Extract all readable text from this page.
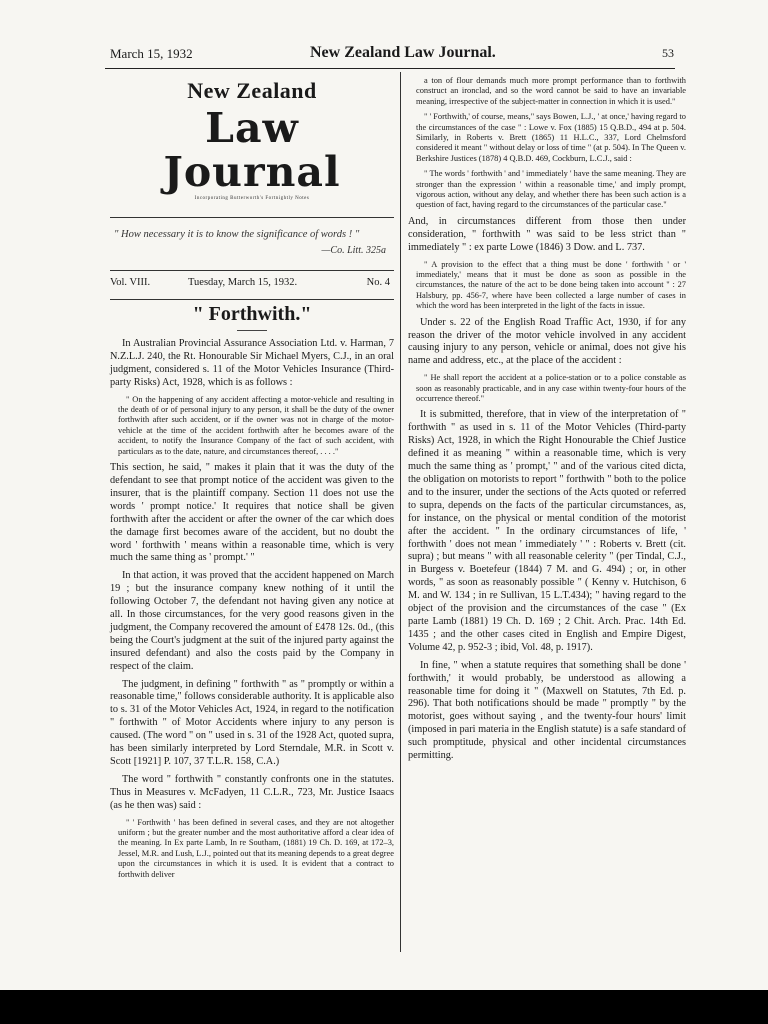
March 15, 1932	New Zealand Law Journal.	53
New Zealand
Law Journal
Incorporating Butterworth's Fortnightly Notes
" How necessary it is to know the significance of words ! "
—Co. Litt. 325a
Vol. VIII.	Tuesday, March 15, 1932.	No. 4
" Forthwith."

In Australian Provincial Assurance Association Ltd. v. Harman, 7 N.Z.L.J. 240, the Rt. Honourable Sir Michael Myers, C.J., in an oral judgment, considered s. 11 of the Motor Vehicles Insurance (Third-party Risks) Act, 1928, which is as follows :

" On the happening of any accident affecting a motor-vehicle and resulting in the death of or of personal injury to any person, it shall be the duty of the owner forthwith after such accident, or if the owner was not in charge of the motor-vehicle at the time of the accident forthwith after he becomes aware of the accident, to notify the Insurance Company of the fact of such accident, with particulars as to the date, nature, and circumstances thereof, . . . ."

This section, he said, " makes it plain that it was the duty of the defendant to see that prompt notice of the accident was given to the insurer, that is the plaintiff company. Section 11 does not use the words ' prompt notice.' It requires that notice shall be given forthwith after the accident or after the owner of the car which does the damage first becomes aware of the accident, but no doubt the word ' forthwith ' means within a reasonable time, which is very much the same thing as ' prompt.' "

In that action, it was proved that the accident happened on March 19 ; but the insurance company knew nothing of it until the following October 7, the defendant not having given any notice at all. In those circumstances, for the very good reasons given in the judgment, the Company recovered the amount of £478 12s. 0d., (this being the Court's judgment at the suit of the injured party against the insured defendant) and also the costs paid by the Company in respect of the claim.

The judgment, in defining " forthwith " as " promptly or within a reasonable time," follows considerable authority. It is applicable also to s. 31 of the Motor Vehicles Act, 1924, in regard to the notification " forthwith " of Motor Accidents where injury to any person is caused. (The word " on " used in s. 31 of the 1928 Act, quoted supra, has been similarly interpreted by Lord Sterndale, M.R. in Scott v. Scott [1921] P. 107, 37 T.L.R. 158, C.A.)

The word " forthwith " constantly confronts one in the statutes. Thus in Measures v. McFadyen, 11 C.L.R., 723, Mr. Justice Isaacs (as he then was) said :

" ' Forthwith ' has been defined in several cases, and they are not altogether uniform ; but the greater number and the most authoritative afford a clear idea of the meaning. In Ex parte Lamb, In re Southam, (1881) 19 Ch. D. 169, at 172–3, Jessel, M.R. and Lush, L.J., pointed out that its meaning depends to a great degree upon the circumstances in which it is used. It is evident that a contract to forthwith deliver

a ton of flour demands much more prompt performance than to forthwith construct an ironclad, and so the word cannot be said to have an invariable meaning, irrespective of the subject-matter in connection in which it is used."

" ' Forthwith,' of course, means," says Bowen, L.J., ' at once,' having regard to the circumstances of the case " : Lowe v. Fox (1885) 15 Q.B.D., 494 at p. 504. Similarly, in Roberts v. Brett (1865) 11 H.L.C., 337, Lord Chelmsford considered it meant " without delay or loss of time " (at p. 504). In The Queen v. Berkshire Justices (1878) 4 Q.B.D. 469, Cockburn, L.C.J., said :

" The words ' forthwith ' and ' immediately ' have the same meaning. They are stronger than the expression ' within a reasonable time,' and imply prompt, vigorous action, without any delay, and whether there has been such action is a question of fact, having regard to the circumstances of the particular case."

And, in circumstances different from those then under consideration, " forthwith " was said to be less strict than " immediately " : ex parte Lowe (1846) 3 Dow. and L. 737.

" A provision to the effect that a thing must be done ' forthwith ' or ' immediately,' means that it must be done as soon as possible in the circumstances, the nature of the act to be done being taken into account " : 27 Halsbury, pp. 456-7, where have been collected a large number of cases in which the word has been interpreted in the light of the facts in issue.

Under s. 22 of the English Road Traffic Act, 1930, if for any reason the driver of the motor vehicle involved in any accident causing injury to any person, vehicle or animal, does not give his name and address, etc., at the place of the accident :

" He shall report the accident at a police-station or to a police constable as soon as reasonably practicable, and in any case within twenty-four hours of the occurrence thereof."

It is submitted, therefore, that in view of the interpretation of " forthwith " as used in s. 11 of the Motor Vehicles (Third-party Risks) Act, 1928, in which the Right Honourable the Chief Justice defined it as meaning " within a reasonable time, which is very much the same thing as ' prompt,' " and of the various cited dicta, the obligation on motorists to report " forthwith " both to the police and to the insurer, under the sections of the Acts quoted or referred to supra, depends on the facts of the particular circumstances, as, for instance, on the physical or mental condition of the motorist after the accident. " In the ordinary circumstances of life, ' forthwith ' does not mean ' immediately ' " : Roberts v. Brett (cit. supra) ; but means " with all reasonable celerity " (per Tindal, C.J., in Burgess v. Boetefeur (1844) 7 M. and G. 494) ; or, in other words, " as soon as reasonably possible " ( Kenny v. Hutchison, 6 M. and W. 134 ; in re Sullivan, 15 L.T.434); " having regard to the object of the provision and the circumstances of the case " (Ex parte Lamb (1881) 19 Ch. D. 169 ; 2 Chit. Arch. Prac. 14th Ed. 1435 ; and the other cases cited in English and Empire Digest, Volume 42, p. 952-3 ; ibid, Vol. 48, p. 1917).

In fine, " when a statute requires that something shall be done ' forthwith,' it would probably, be understood as allowing a reasonable time for doing it " (Maxwell on Statutes, 7th Ed. p. 296). That both notifications should be made " promptly " by the motorist, goes without saying , and the twenty-four hours' limit (imposed in pari materia in the English statute) is a safe standard of such promptitude, physical and other incidental circumstances permitting.
